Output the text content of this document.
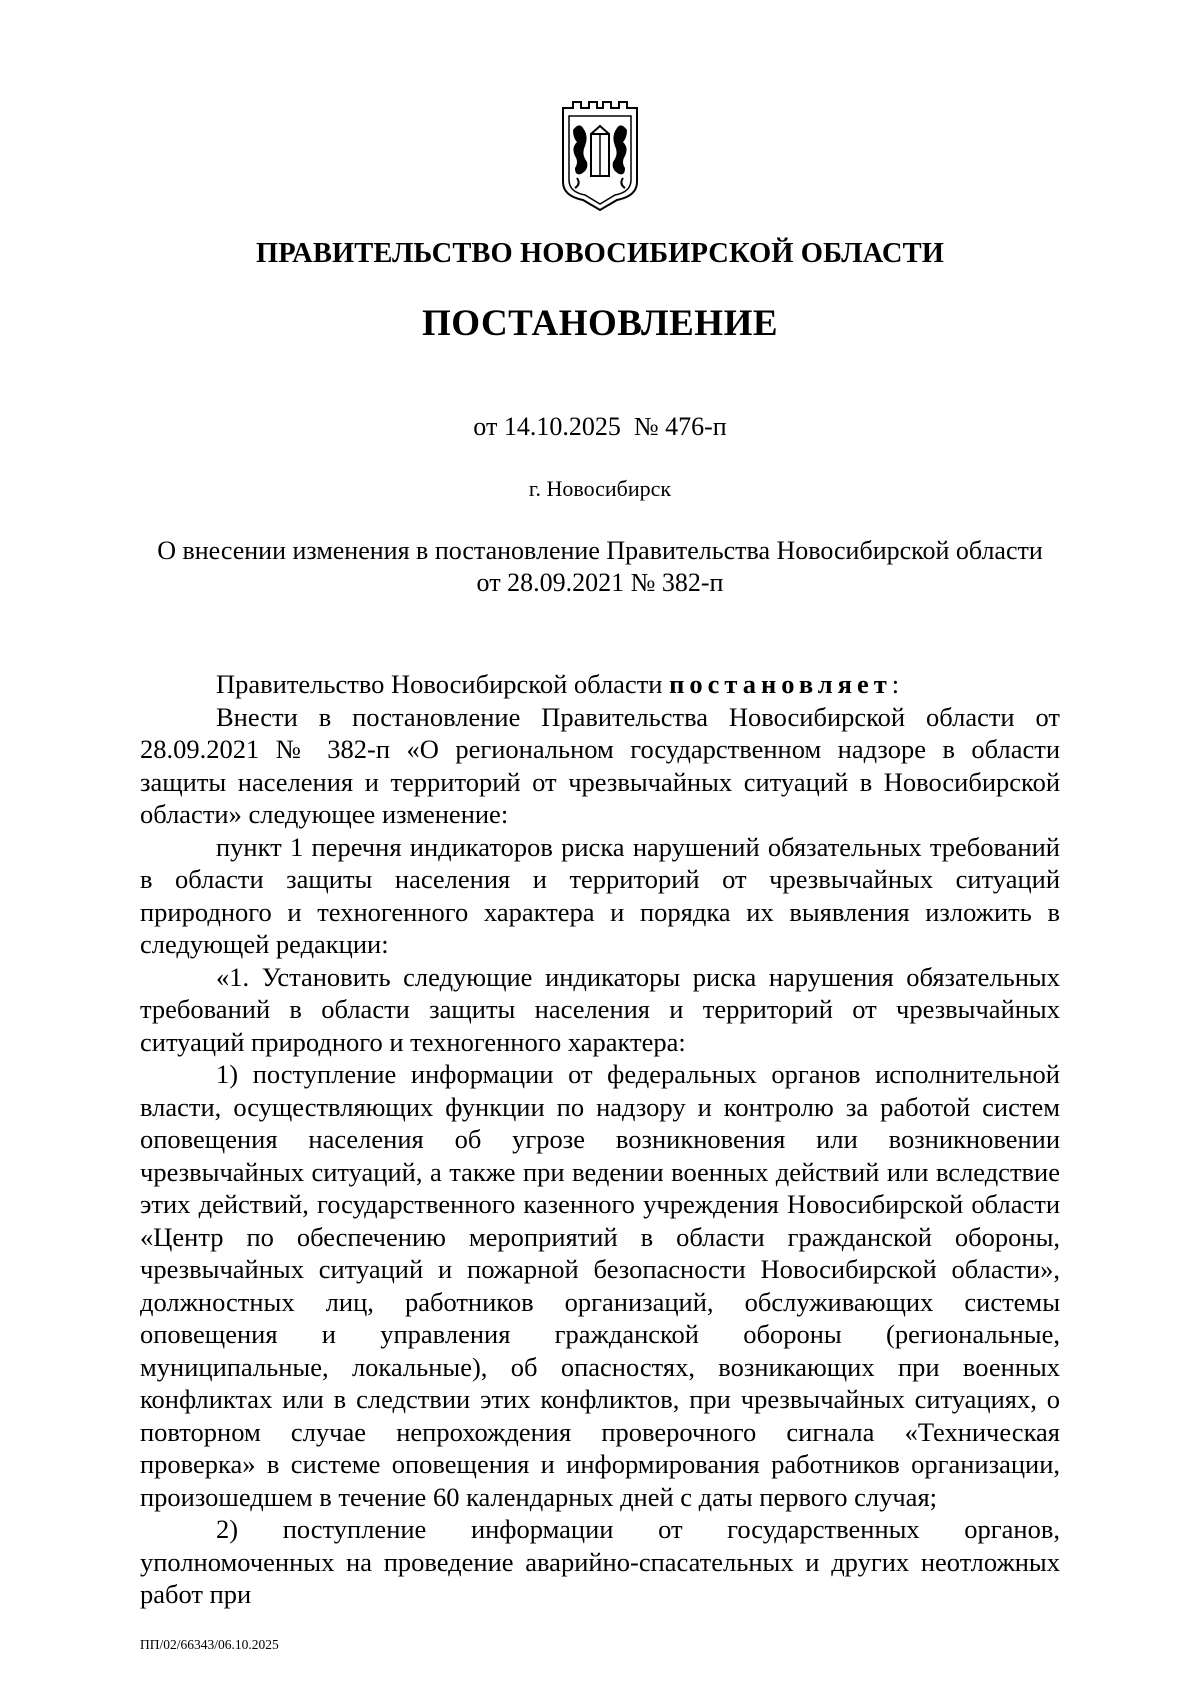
ПРАВИТЕЛЬСТВО НОВОСИБИРСКОЙ ОБЛАСТИ
ПОСТАНОВЛЕНИЕ
от 14.10.2025  № 476-п
г. Новосибирск
О внесении изменения в постановление Правительства Новосибирской области
от 28.09.2021 № 382-п

Правительство Новосибирской области постановляет:

Внести в постановление Правительства Новосибирской области от 28.09.2021 № 382-п «О региональном государственном надзоре в области защиты населения и территорий от чрезвычайных ситуаций в Новосибирской области» следующее изменение:

пункт 1 перечня индикаторов риска нарушений обязательных требований в области защиты населения и территорий от чрезвычайных ситуаций природного и техногенного характера и порядка их выявления изложить в следующей редакции:

«1. Установить следующие индикаторы риска нарушения обязательных требований в области защиты населения и территорий от чрезвычайных ситуаций природного и техногенного характера:

1) поступление информации от федеральных органов исполнительной власти, осуществляющих функции по надзору и контролю за работой систем оповещения населения об угрозе возникновения или возникновении чрезвычайных ситуаций, а также при ведении военных действий или вследствие этих действий, государственного казенного учреждения Новосибирской области «Центр по обеспечению мероприятий в области гражданской обороны, чрезвычайных ситуаций и пожарной безопасности Новосибирской области», должностных лиц, работников организаций, обслуживающих системы оповещения и управления гражданской обороны (региональные, муниципальные, локальные), об опасностях, возникающих при военных конфликтах или в следствии этих конфликтов, при чрезвычайных ситуациях, о повторном случае непрохождения проверочного сигнала «Техническая проверка» в системе оповещения и информирования работников организации, произошедшем в течение 60 календарных дней с даты первого случая;

2) поступление информации от государственных органов, уполномоченных на проведение аварийно-спасательных и других неотложных работ при

ПП/02/66343/06.10.2025
